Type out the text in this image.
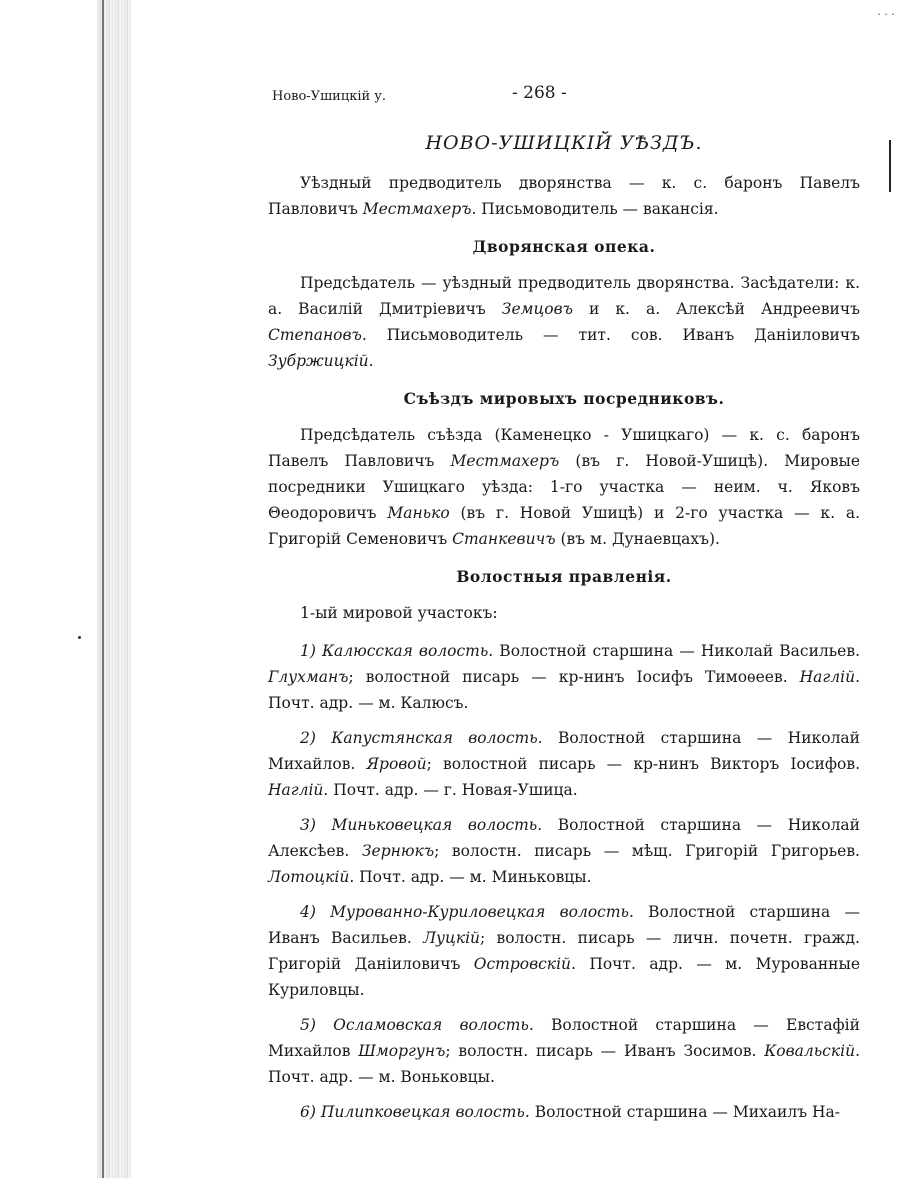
˙˙˙
Ново-Ушицкій у.	- 268 -
НОВО-УШИЦКІЙ УѢЗДЪ.

Уѣздный предводитель дворянства — к. с. баронъ Павелъ Павловичъ Местмахеръ. Письмоводитель — вакансія.

Дворянская опека.

Предсѣдатель — уѣздный предводитель дворянства. Засѣдатели: к. а. Василій Дмитріевичъ Земцовъ и к. а. Алексѣй Андреевичъ Степановъ. Письмоводитель — тит. сов. Иванъ Даніиловичъ Зубржицкій.

Съѣздъ мировыхъ посредниковъ.

Предсѣдатель съѣзда (Каменецко - Ушицкаго) — к. с. баронъ Павелъ Павловичъ Местмахеръ (въ г. Новой-Ушицѣ). Мировые посредники Ушицкаго уѣзда: 1-го участка — неим. ч. Яковъ Θеодоровичъ Манько (въ г. Новой Ушицѣ) и 2-го участка — к. а. Григорій Семеновичъ Станкевичъ (въ м. Дунаевцахъ).

Волостныя правленія.

1-ый мировой участокъ:

1) Калюсская волость. Волостной старшина — Николай Васильев. Глухманъ; волостной писарь — кр-нинъ Іосифъ Тимоѳеев. Наглій. Почт. адр. — м. Калюсъ.

2) Капустянская волость. Волостной старшина — Николай Михайлов. Яровой; волостной писарь — кр-нинъ Викторъ Іосифов. Наглій. Почт. адр. — г. Новая-Ушица.

3) Миньковецкая волость. Волостной старшина — Николай Алексѣев. Зернюкъ; волостн. писарь — мѣщ. Григорій Григорьев. Лотоцкій. Почт. адр. — м. Миньковцы.

4) Мурованно-Куриловецкая волость. Волостной старшина — Иванъ Васильев. Луцкій; волостн. писарь — личн. почетн. гражд. Григорій Даніиловичъ Островскій. Почт. адр. — м. Мурованные Куриловцы.

5) Осламовская волость. Волостной старшина — Евстафій Михайлов Шморгунъ; волостн. писарь — Иванъ Зосимов. Ковальскій. Почт. адр. — м. Воньковцы.

6) Пилипковецкая волость. Волостной старшина — Михаилъ На-
